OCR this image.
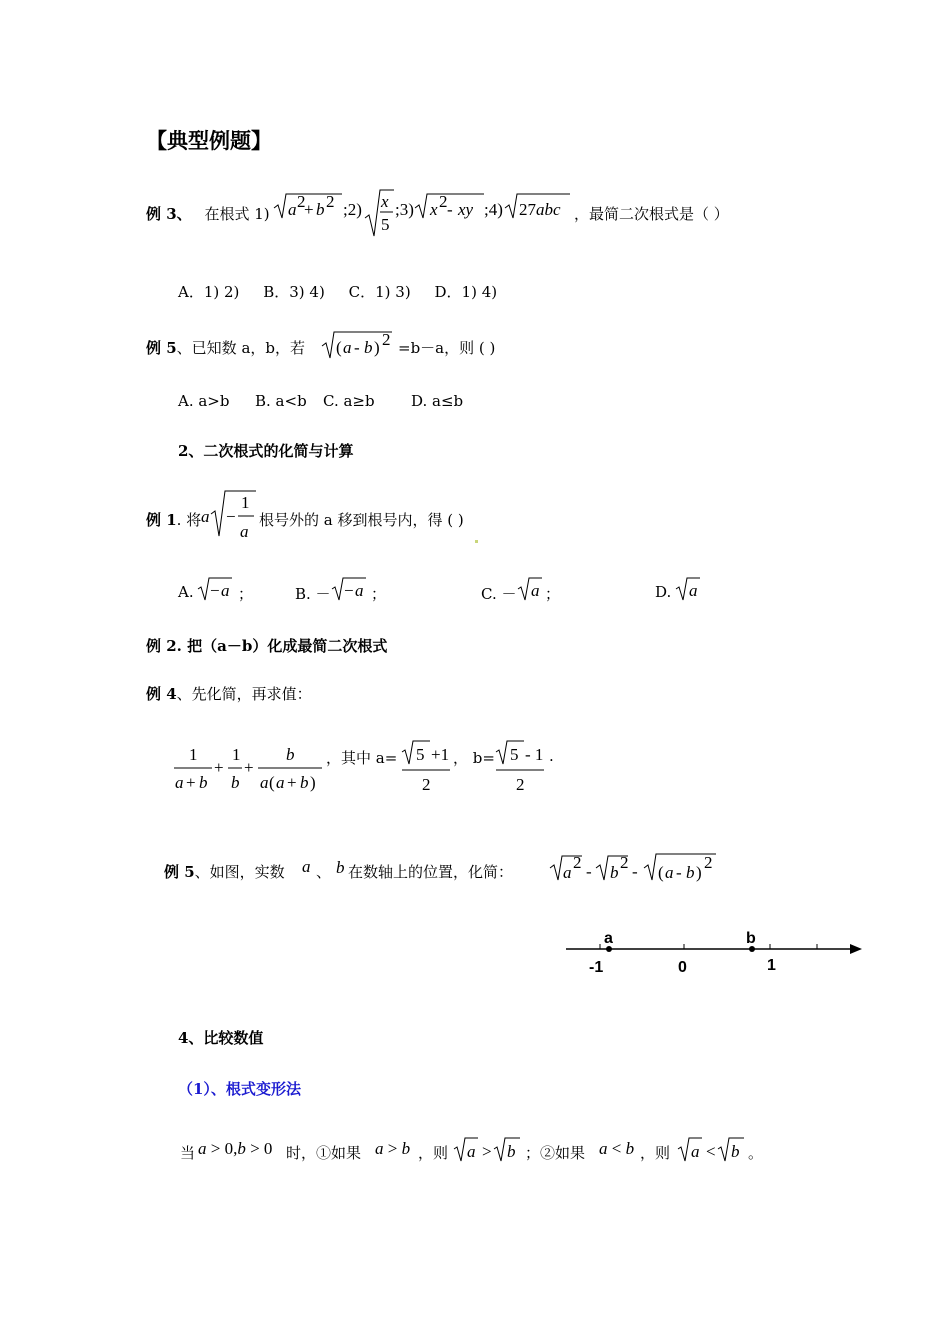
【典型例题】
例 3、 在根式 1) a 2
+ b 2 ;2) x
5
;3) x 2 - xy ;4) 27 abc ，最简二次根式是（ ）
A．1) 2)     B．3) 4)     C．1) 3)     D．1) 4)
例 5、已知数 a，b，若 ( a - b ) 2 =b－a，则 ( )
A. a>b B. a<b C. a≥b D. a≤b
2、二次根式的化简与计算
例 1. 将 a −
1
a
根号外的 a 移到根号内，得 ( )
A. − a ；	B. － − a ；	C. － a ；	D. a
例 2. 把（a－b）化成最简二次根式
例 4、先化简，再求值：
1
a + b
+
1
b
+
b
a ( a + b )
，其中 a= 5 +1
2
， b= 5 - 1
2
.
例 5、如图，实数 a 、 b 在数轴上的位置，化简：	a
2 - b
2 - ( a - b )
2
a	b
-1	0	1
4、比较数值
（1）、根式变形法
当 a > 0,b > 0 时，①如果 a > b ，则 a > b ；②如果 a < b ，则 a < b 。
